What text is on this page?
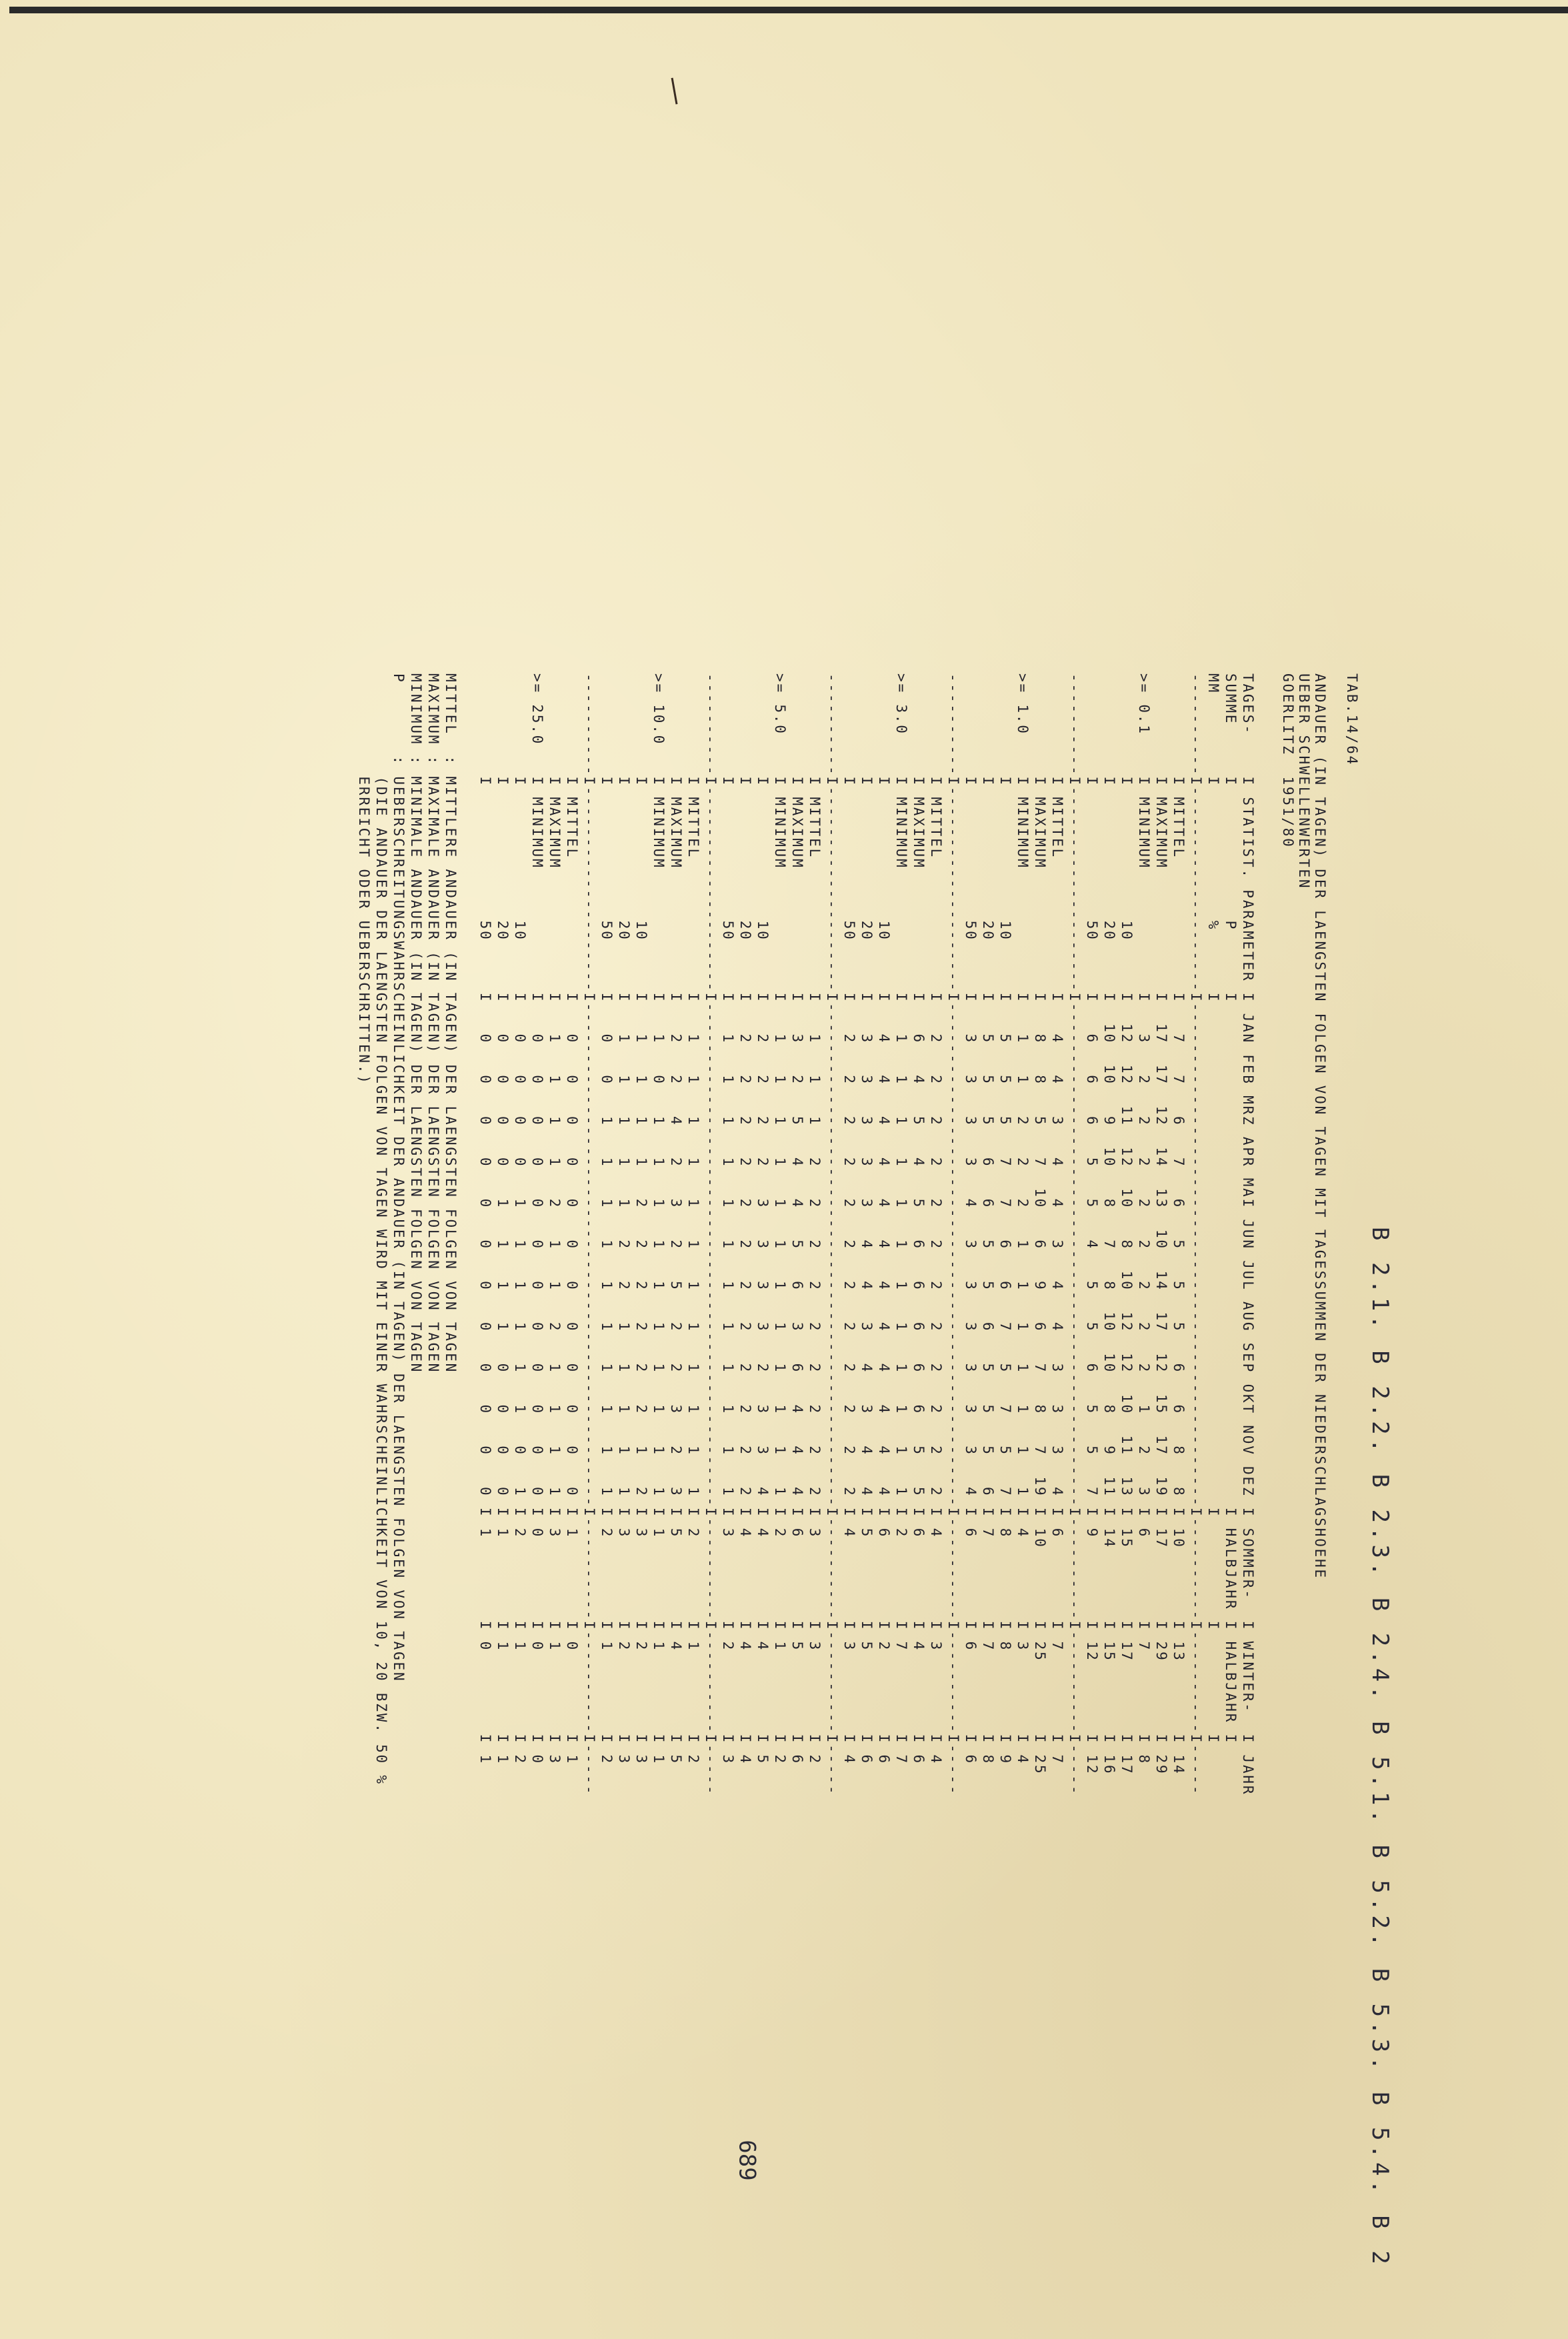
B 2.1. B 2.2. B 2.3. B 2.4. B 5.1. B 5.2. B 5.3. B 5.4. B 2
TAB.14/64
ANDAUER (IN TAGEN) DER LAENGSTEN FOLGEN VON TAGEN MIT TAGESSUMMEN DER NIEDERSCHLAGSHOEHE
UEBER SCHWELLENWERTEN
GOERLITZ  1951/80
TAGES-    I STATIST. PARAMETER I JAN FEB MRZ APR MAI JUN JUL AUG SEP OKT NOV DEZ I SOMMER-  I WINTER-  I JAHR
SUMME     I             P      I                                                 I HALBJAHR I HALBJAHR I
MM        I             %      I                                                 I          I          I
----------I--------------------I-------------------------------------------------I----------I----------I-----
I MITTEL             I   7   7   6   7   6   5   5   5   6   6   8   8 I 10       I 13       I 14
I MAXIMUM            I  17  17  12  14  13  10  14  17  12  15  17  19 I 17       I 29       I 29
>= 0.1    I MINIMUM            I   3   2   2   2   2   2   2   2   2   1   2   3 I 6        I 7        I 8
I             10     I  12  12  11  12  10   8  10  12  12  10  11  13 I 15       I 17       I 17
I             20     I  10  10   9  10   8   7   8  10  10   8   9  11 I 14       I 15       I 16
I             50     I   6   6   6   5   5   4   5   5   6   5   5   7 I 9        I 12       I 12
----------I--------------------I-------------------------------------------------I----------I----------I-----
I MITTEL             I   4   4   3   4   4   3   4   4   3   3   3   4 I 6        I 7        I 7
I MAXIMUM            I   8   8   5   7  10   6   9   6   7   8   7  19 I 10       I 25       I 25
>= 1.0    I MINIMUM            I   1   1   2   2   2   1   1   1   1   1   1   1 I 4        I 3        I 4
I             10     I   5   5   5   7   7   6   6   7   5   7   5   7 I 8        I 8        I 9
I             20     I   5   5   5   6   6   5   5   6   5   5   5   6 I 7        I 7        I 8
I             50     I   3   3   3   3   4   3   3   3   3   3   3   4 I 6        I 6        I 6
----------I--------------------I-------------------------------------------------I----------I----------I-----
I MITTEL             I   2   2   2   2   2   2   2   2   2   2   2   2 I 4        I 3        I 4
I MAXIMUM            I   6   4   5   4   5   6   6   6   6   6   5   5 I 6        I 4        I 6
>= 3.0    I MINIMUM            I   1   1   1   1   1   1   1   1   1   1   1   1 I 2        I 7        I 7
I             10     I   4   4   4   4   4   4   4   4   4   4   4   4 I 6        I 2        I 6
I             20     I   3   3   3   3   3   4   4   3   4   3   4   4 I 5        I 5        I 6
I             50     I   2   2   2   2   2   2   2   2   2   2   2   2 I 4        I 3        I 4
----------I--------------------I-------------------------------------------------I----------I----------I-----
I MITTEL             I   1   1   1   2   2   2   2   2   2   2   2   2 I 3        I 3        I 2
I MAXIMUM            I   3   2   5   4   4   5   6   3   6   4   4   4 I 6        I 5        I 6
>= 5.0    I MINIMUM            I   1   1   1   1   1   1   1   1   1   1   1   1 I 2        I 1        I 2
I             10     I   2   2   2   2   3   3   3   3   2   3   3   4 I 4        I 4        I 5
I             20     I   2   2   2   2   2   2   2   2   2   2   2   2 I 4        I 4        I 4
I             50     I   1   1   1   1   1   1   1   1   1   1   1   1 I 3        I 2        I 3
----------I--------------------I-------------------------------------------------I----------I----------I-----
I MITTEL             I   1   1   1   1   1   1   1   1   1   1   1   1 I 2        I 1        I 2
I MAXIMUM            I   2   2   4   2   3   2   5   2   2   3   2   3 I 5        I 4        I 5
>= 10.0   I MINIMUM            I   1   0   1   1   1   1   1   1   1   1   1   1 I 1        I 1        I 1
I             10     I   1   1   1   1   2   2   2   2   2   2   1   2 I 3        I 2        I 3
I             20     I   1   1   1   1   1   2   2   1   1   1   1   1 I 3        I 2        I 3
I             50     I   0   0   1   1   1   1   1   1   1   1   1   1 I 2        I 1        I 2
----------I--------------------I-------------------------------------------------I----------I----------I-----
I MITTEL             I   0   0   0   0   0   0   0   0   0   0   0   0 I 1        I 0        I 1
I MAXIMUM            I   1   1   1   1   2   1   1   2   1   1   1   1 I 3        I 1        I 3
>= 25.0   I MINIMUM            I   0   0   0   0   0   0   0   0   0   0   0   0 I 0        I 0        I 0
I             10     I   0   0   0   0   1   1   1   1   1   1   0   1 I 2        I 1        I 2
I             20     I   0   0   0   0   1   1   1   1   0   0   0   0 I 1        I 1        I 1
I             50     I   0   0   0   0   0   0   0   0   0   0   0   0 I 1        I 0        I 1
MITTEL  : MITTLERE ANDAUER (IN TAGEN) DER LAENGSTEN FOLGEN VON TAGEN
MAXIMUM : MAXIMALE ANDAUER (IN TAGEN) DER LAENGSTEN FOLGEN VON TAGEN
MINIMUM : MINIMALE ANDAUER (IN TAGEN) DER LAENGSTEN FOLGEN VON TAGEN
P       : UEBERSCHREITUNGSWAHRSCHEINLICHKEIT DER ANDAUER (IN TAGEN) DER LAENGSTEN FOLGEN VON TAGEN
(DIE ANDAUER DER LAENGSTEN FOLGEN VON TAGEN WIRD MIT EINER WAHRSCHEINLICHKEIT VON 10, 20 BZW. 50 %
ERREICHT ODER UEBERSCHRITTEN.)
689
